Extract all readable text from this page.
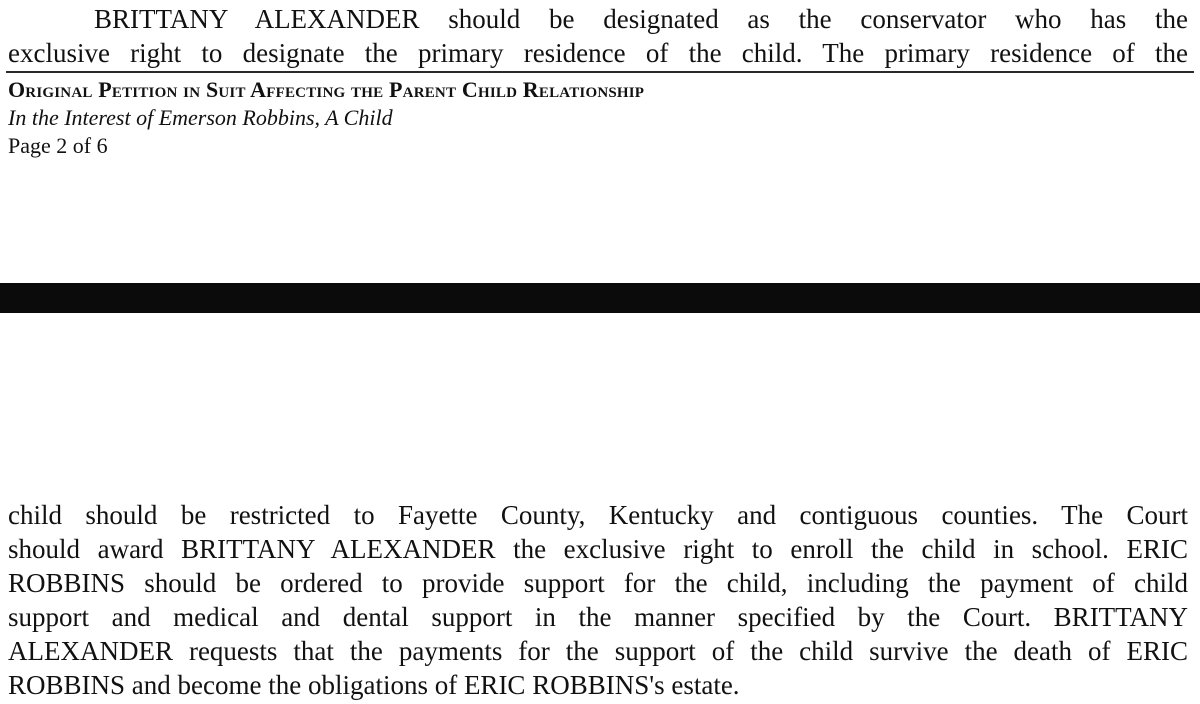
BRITTANY ALEXANDER should be designated as the conservator who has the
exclusive right to designate the primary residence of the child. The primary residence of the
Original Petition in Suit Affecting the Parent Child Relationship
In the Interest of Emerson Robbins, A Child
Page 2 of 6
child should be restricted to Fayette County, Kentucky and contiguous counties. The Court
should award BRITTANY ALEXANDER the exclusive right to enroll the child in school. ERIC
ROBBINS should be ordered to provide support for the child, including the payment of child
support and medical and dental support in the manner specified by the Court. BRITTANY
ALEXANDER requests that the payments for the support of the child survive the death of ERIC
ROBBINS and become the obligations of ERIC ROBBINS's estate.
